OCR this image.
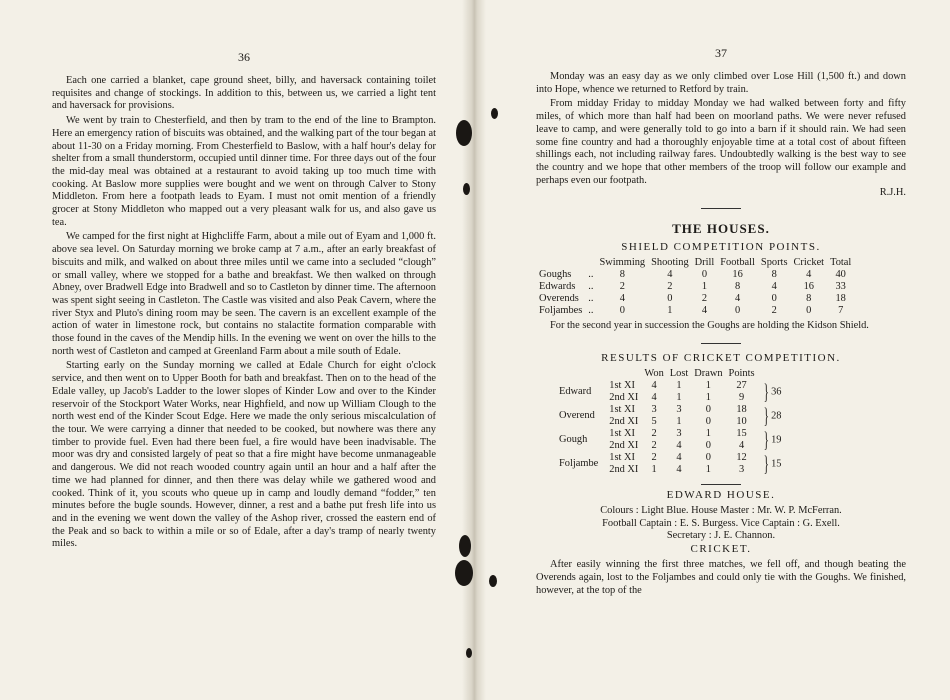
36

Each one carried a blanket, cape ground sheet, billy, and haversack containing toilet requisites and change of stockings. In addition to this, between us, we carried a light tent and haversack for provisions.

We went by train to Chesterfield, and then by tram to the end of the line to Brampton. Here an emergency ration of biscuits was obtained, and the walking part of the tour began at about 11-30 on a Friday morning. From Chesterfield to Baslow, with a half hour's delay for shelter from a small thunderstorm, occupied until dinner time. For three days out of the four the mid-day meal was obtained at a restaurant to avoid taking up too much time with cooking. At Baslow more supplies were bought and we went on through Calver to Stony Middleton. From here a footpath leads to Eyam. I must not omit mention of a friendly grocer at Stony Middleton who mapped out a very pleasant walk for us, and also gave us tea.

We camped for the first night at Highcliffe Farm, about a mile out of Eyam and 1,000 ft. above sea level. On Saturday morning we broke camp at 7 a.m., after an early breakfast of biscuits and milk, and walked on about three miles until we came into a secluded “clough” or small valley, where we stopped for a bathe and breakfast. We then walked on through Abney, over Bradwell Edge into Bradwell and so to Castleton by dinner time. The afternoon was spent sight seeing in Castleton. The Castle was visited and also Peak Cavern, where the river Styx and Pluto's dining room may be seen. The cavern is an excellent example of the action of water in limestone rock, but contains no stalactite formation comparable with those found in the caves of the Mendip hills. In the evening we went on over the hills to the north west of Castleton and camped at Greenland Farm about a mile south of Edale.

Starting early on the Sunday morning we called at Edale Church for eight o'clock service, and then went on to Upper Booth for bath and breakfast. Then on to the head of the Edale valley, up Jacob's Ladder to the lower slopes of Kinder Low and over to the Kinder reservoir of the Stockport Water Works, near Highfield, and now up William Clough to the north west end of the Kinder Scout Edge. Here we made the only serious miscalculation of the tour. We were carrying a dinner that needed to be cooked, but nowhere was there any timber to provide fuel. Even had there been fuel, a fire would have been inadvisable. The moor was dry and consisted largely of peat so that a fire might have become unmanageable and dangerous. We did not reach wooded country again until an hour and a half after the time we had planned for dinner, and then there was delay while we gathered wood and cooked. Think of it, you scouts who queue up in camp and loudly demand “fodder,” ten minutes before the bugle sounds. However, dinner, a rest and a bathe put fresh life into us and in the evening we went down the valley of the Ashop river, crossed the eastern end of the Peak and so back to within a mile or so of Edale, after a day's tramp of nearly twenty miles.

37

Monday was an easy day as we only climbed over Lose Hill (1,500 ft.) and down into Hope, whence we returned to Retford by train.

From midday Friday to midday Monday we had walked between forty and fifty miles, of which more than half had been on moorland paths. We were never refused leave to camp, and were generally told to go into a barn if it should rain. We had seen some fine country and had a thoroughly enjoyable time at a total cost of about fifteen shillings each, not including railway fares. Undoubtedly walking is the best way to see the country and we hope that other members of the troop will follow our example and perhaps even our footpath.

R.J.H.
THE HOUSES.
SHIELD COMPETITION POINTS.
		Swimming	Shooting	Drill	Football	Sports	Cricket	Total
Goughs	..	8	4	0	16	8	4	40
Edwards	..	2	2	1	8	4	16	33
Overends	..	4	0	2	4	0	8	18
Foljambes	..	0	1	4	0	2	0	7

For the second year in succession the Goughs are holding the Kidson Shield.

RESULTS OF CRICKET COMPETITION.
		Won	Lost	Drawn	Points	
Edward	1st XI	4	1	1	27	} 36
	2nd XI	4	1	1	9	
Overend	1st XI	3	3	0	18	} 28
	2nd XI	5	1	0	10	
Gough	1st XI	2	3	1	15	} 19
	2nd XI	2	4	0	4	
Foljambe	1st XI	2	4	0	12	} 15
	2nd XI	1	4	1	3	
EDWARD HOUSE.
Colours : Light Blue. House Master : Mr. W. P. McFerran.
Football Captain : E. S. Burgess. Vice Captain : G. Exell.
Secretary : J. E. Channon.
CRICKET.

After easily winning the first three matches, we fell off, and though beating the Overends again, lost to the Foljambes and could only tie with the Goughs. We finished, however, at the top of the
